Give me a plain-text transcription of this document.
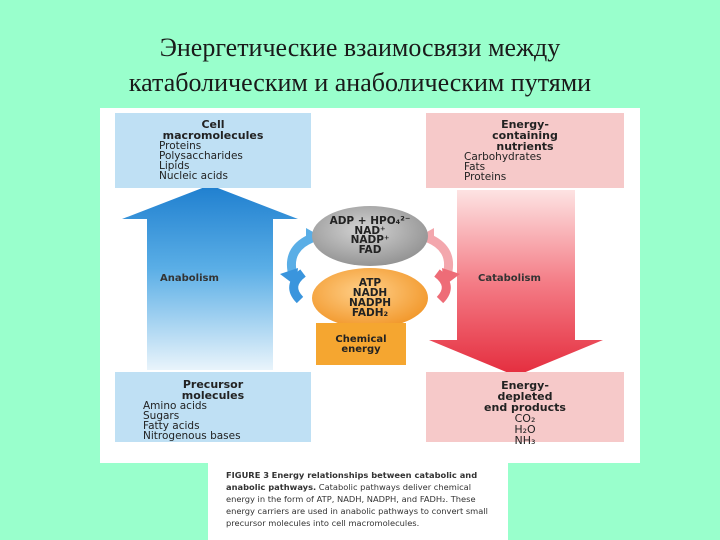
Энергетические взаимосвязи между
катаболическим и анаболическим путями
Cell
macromolecules
Proteins
Polysaccharides
Lipids
Nucleic acids
Energy-
containing
nutrients
Carbohydrates
Fats
Proteins
ADP + HPO₄²⁻
NAD⁺
NADP⁺
FAD
ATP
NADH
NADPH
FADH₂
Chemical
energy
Anabolism	Catabolism
Precursor
molecules
Amino acids
Sugars
Fatty acids
Nitrogenous bases
Energy-
depleted
end products
CO₂
H₂O
NH₃
FIGURE 3 Energy relationships between catabolic and anabolic pathways. Catabolic pathways deliver chemical energy in the form of ATP, NADH, NADPH, and FADH₂. These energy carriers are used in anabolic pathways to convert small precursor molecules into cell macromolecules.
